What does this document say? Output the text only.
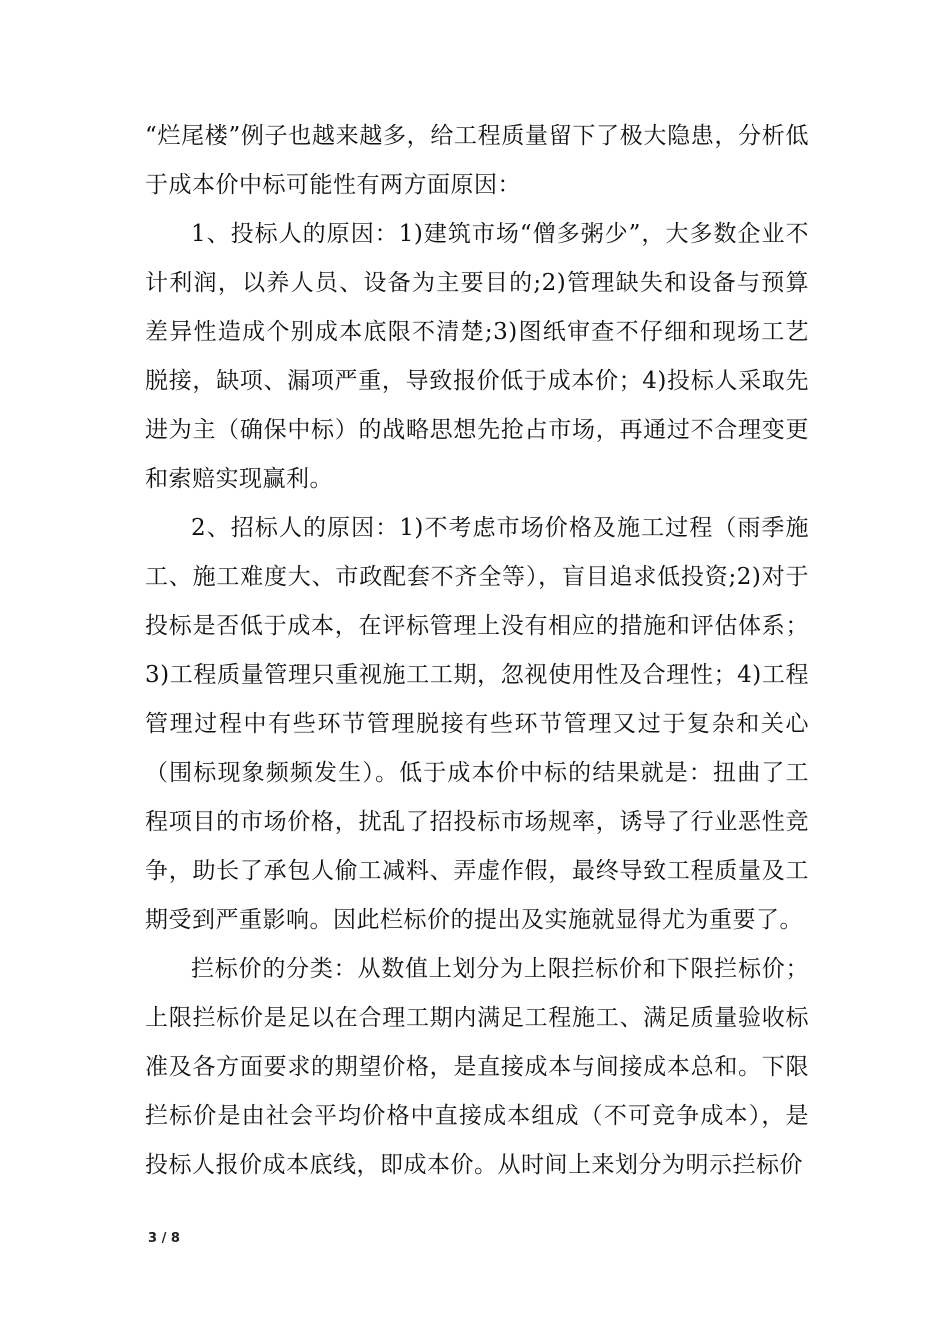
“烂尾楼”例子也越来越多，给工程质量留下了极大隐患，分析低于成本价中标可能性有两方面原因：

1、投标人的原因：1)建筑市场“僧多粥少”，大多数企业不计利润，以养人员、设备为主要目的;2)管理缺失和设备与预算差异性造成个别成本底限不清楚;3)图纸审查不仔细和现场工艺脱接，缺项、漏项严重，导致报价低于成本价；4)投标人采取先进为主（确保中标）的战略思想先抢占市场，再通过不合理变更和索赔实现赢利。

2、招标人的原因：1)不考虑市场价格及施工过程（雨季施工、施工难度大、市政配套不齐全等），盲目追求低投资;2)对于投标是否低于成本，在评标管理上没有相应的措施和评估体系；3)工程质量管理只重视施工工期，忽视使用性及合理性；4)工程管理过程中有些环节管理脱接有些环节管理又过于复杂和关心（围标现象频频发生）。低于成本价中标的结果就是：扭曲了工程项目的市场价格，扰乱了招投标市场规率，诱导了行业恶性竞争，助长了承包人偷工减料、弄虚作假，最终导致工程质量及工期受到严重影响。因此栏标价的提出及实施就显得尤为重要了。

拦标价的分类：从数值上划分为上限拦标价和下限拦标价；上限拦标价是足以在合理工期内满足工程施工、满足质量验收标准及各方面要求的期望价格，是直接成本与间接成本总和。下限拦标价是由社会平均价格中直接成本组成（不可竞争成本），是投标人报价成本底线，即成本价。从时间上来划分为明示拦标价

3 / 8
